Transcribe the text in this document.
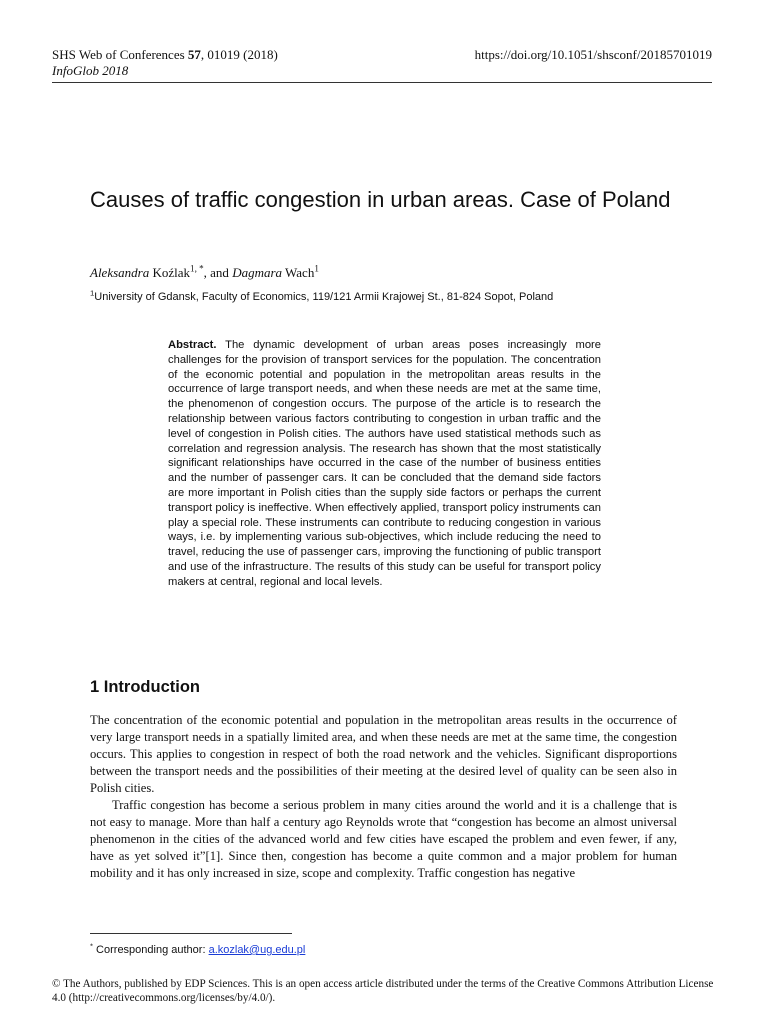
SHS Web of Conferences 57, 01019 (2018)
InfoGlob 2018
https://doi.org/10.1051/shsconf/20185701019
Causes of traffic congestion in urban areas. Case of Poland
Aleksandra Koźlak$^{1, *}$, and Dagmara Wach$^1$
$^1$University of Gdansk, Faculty of Economics, 119/121 Armii Krajowej St., 81-824 Sopot, Poland

Abstract. The dynamic development of urban areas poses increasingly more challenges for the provision of transport services for the population. The concentration of the economic potential and population in the metropolitan areas results in the occurrence of large transport needs, and when these needs are met at the same time, the phenomenon of congestion occurs. The purpose of the article is to research the relationship between various factors contributing to congestion in urban traffic and the level of congestion in Polish cities. The authors have used statistical methods such as correlation and regression analysis. The research has shown that the most statistically significant relationships have occurred in the case of the number of business entities and the number of passenger cars. It can be concluded that the demand side factors are more important in Polish cities than the supply side factors or perhaps the current transport policy is ineffective. When effectively applied, transport policy instruments can play a special role. These instruments can contribute to reducing congestion in various ways, i.e. by implementing various sub-objectives, which include reducing the need to travel, reducing the use of passenger cars, improving the functioning of public transport and use of the infrastructure. The results of this study can be useful for transport policy makers at central, regional and local levels.

1 Introduction

The concentration of the economic potential and population in the metropolitan areas results in the occurrence of very large transport needs in a spatially limited area, and when these needs are met at the same time, the congestion occurs. This applies to congestion in respect of both the road network and the vehicles. Significant disproportions between the transport needs and the possibilities of their meeting at the desired level of quality can be seen also in Polish cities.

Traffic congestion has become a serious problem in many cities around the world and it is a challenge that is not easy to manage. More than half a century ago Reynolds wrote that “congestion has become an almost universal phenomenon in the cities of the advanced world and few cities have escaped the problem and even fewer, if any, have as yet solved it”[1]. Since then, congestion has become a quite common and a major problem for human mobility and it has only increased in size, scope and complexity. Traffic congestion has negative

* Corresponding author: a.kozlak@ug.edu.pl
© The Authors, published by EDP Sciences. This is an open access article distributed under the terms of the Creative Commons Attribution License 4.0 (http://creativecommons.org/licenses/by/4.0/).
